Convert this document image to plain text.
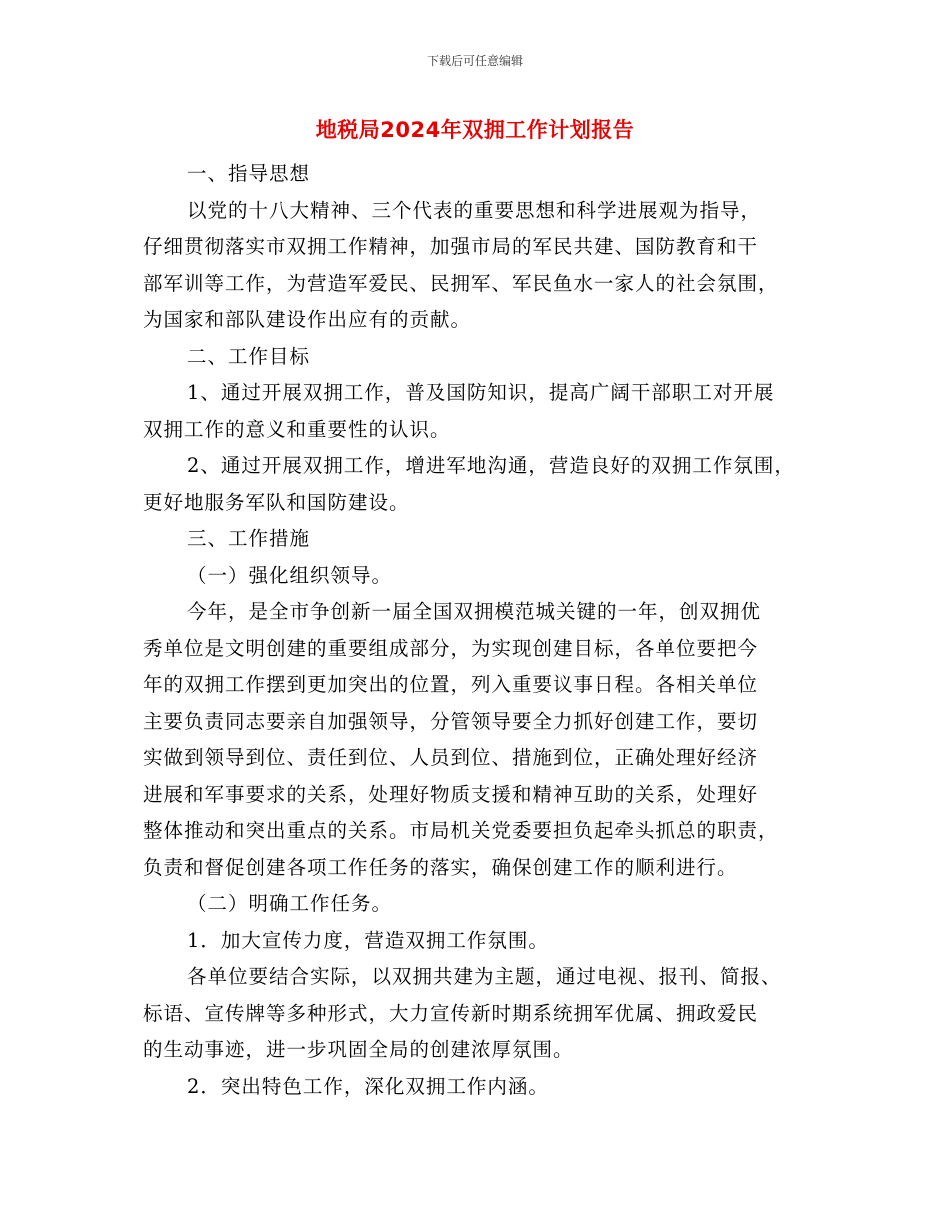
下载后可任意编辑
地税局2024年双拥工作计划报告
一、指导思想
以党的十八大精神、三个代表的重要思想和科学进展观为指导，
仔细贯彻落实市双拥工作精神，加强市局的军民共建、国防教育和干
部军训等工作，为营造军爱民、民拥军、军民鱼水一家人的社会氛围，
为国家和部队建设作出应有的贡献。
二、工作目标
1、通过开展双拥工作，普及国防知识，提高广阔干部职工对开展
双拥工作的意义和重要性的认识。
2、通过开展双拥工作，增进军地沟通，营造良好的双拥工作氛围，
更好地服务军队和国防建设。
三、工作措施
（一）强化组织领导。
今年，是全市争创新一届全国双拥模范城关键的一年，创双拥优
秀单位是文明创建的重要组成部分，为实现创建目标，各单位要把今
年的双拥工作摆到更加突出的位置，列入重要议事日程。各相关单位
主要负责同志要亲自加强领导，分管领导要全力抓好创建工作，要切
实做到领导到位、责任到位、人员到位、措施到位，正确处理好经济
进展和军事要求的关系，处理好物质支援和精神互助的关系，处理好
整体推动和突出重点的关系。市局机关党委要担负起牵头抓总的职责，
负责和督促创建各项工作任务的落实，确保创建工作的顺利进行。
（二）明确工作任务。
1．加大宣传力度，营造双拥工作氛围。
各单位要结合实际，以双拥共建为主题，通过电视、报刊、简报、
标语、宣传牌等多种形式，大力宣传新时期系统拥军优属、拥政爱民
的生动事迹，进一步巩固全局的创建浓厚氛围。
2．突出特色工作，深化双拥工作内涵。
